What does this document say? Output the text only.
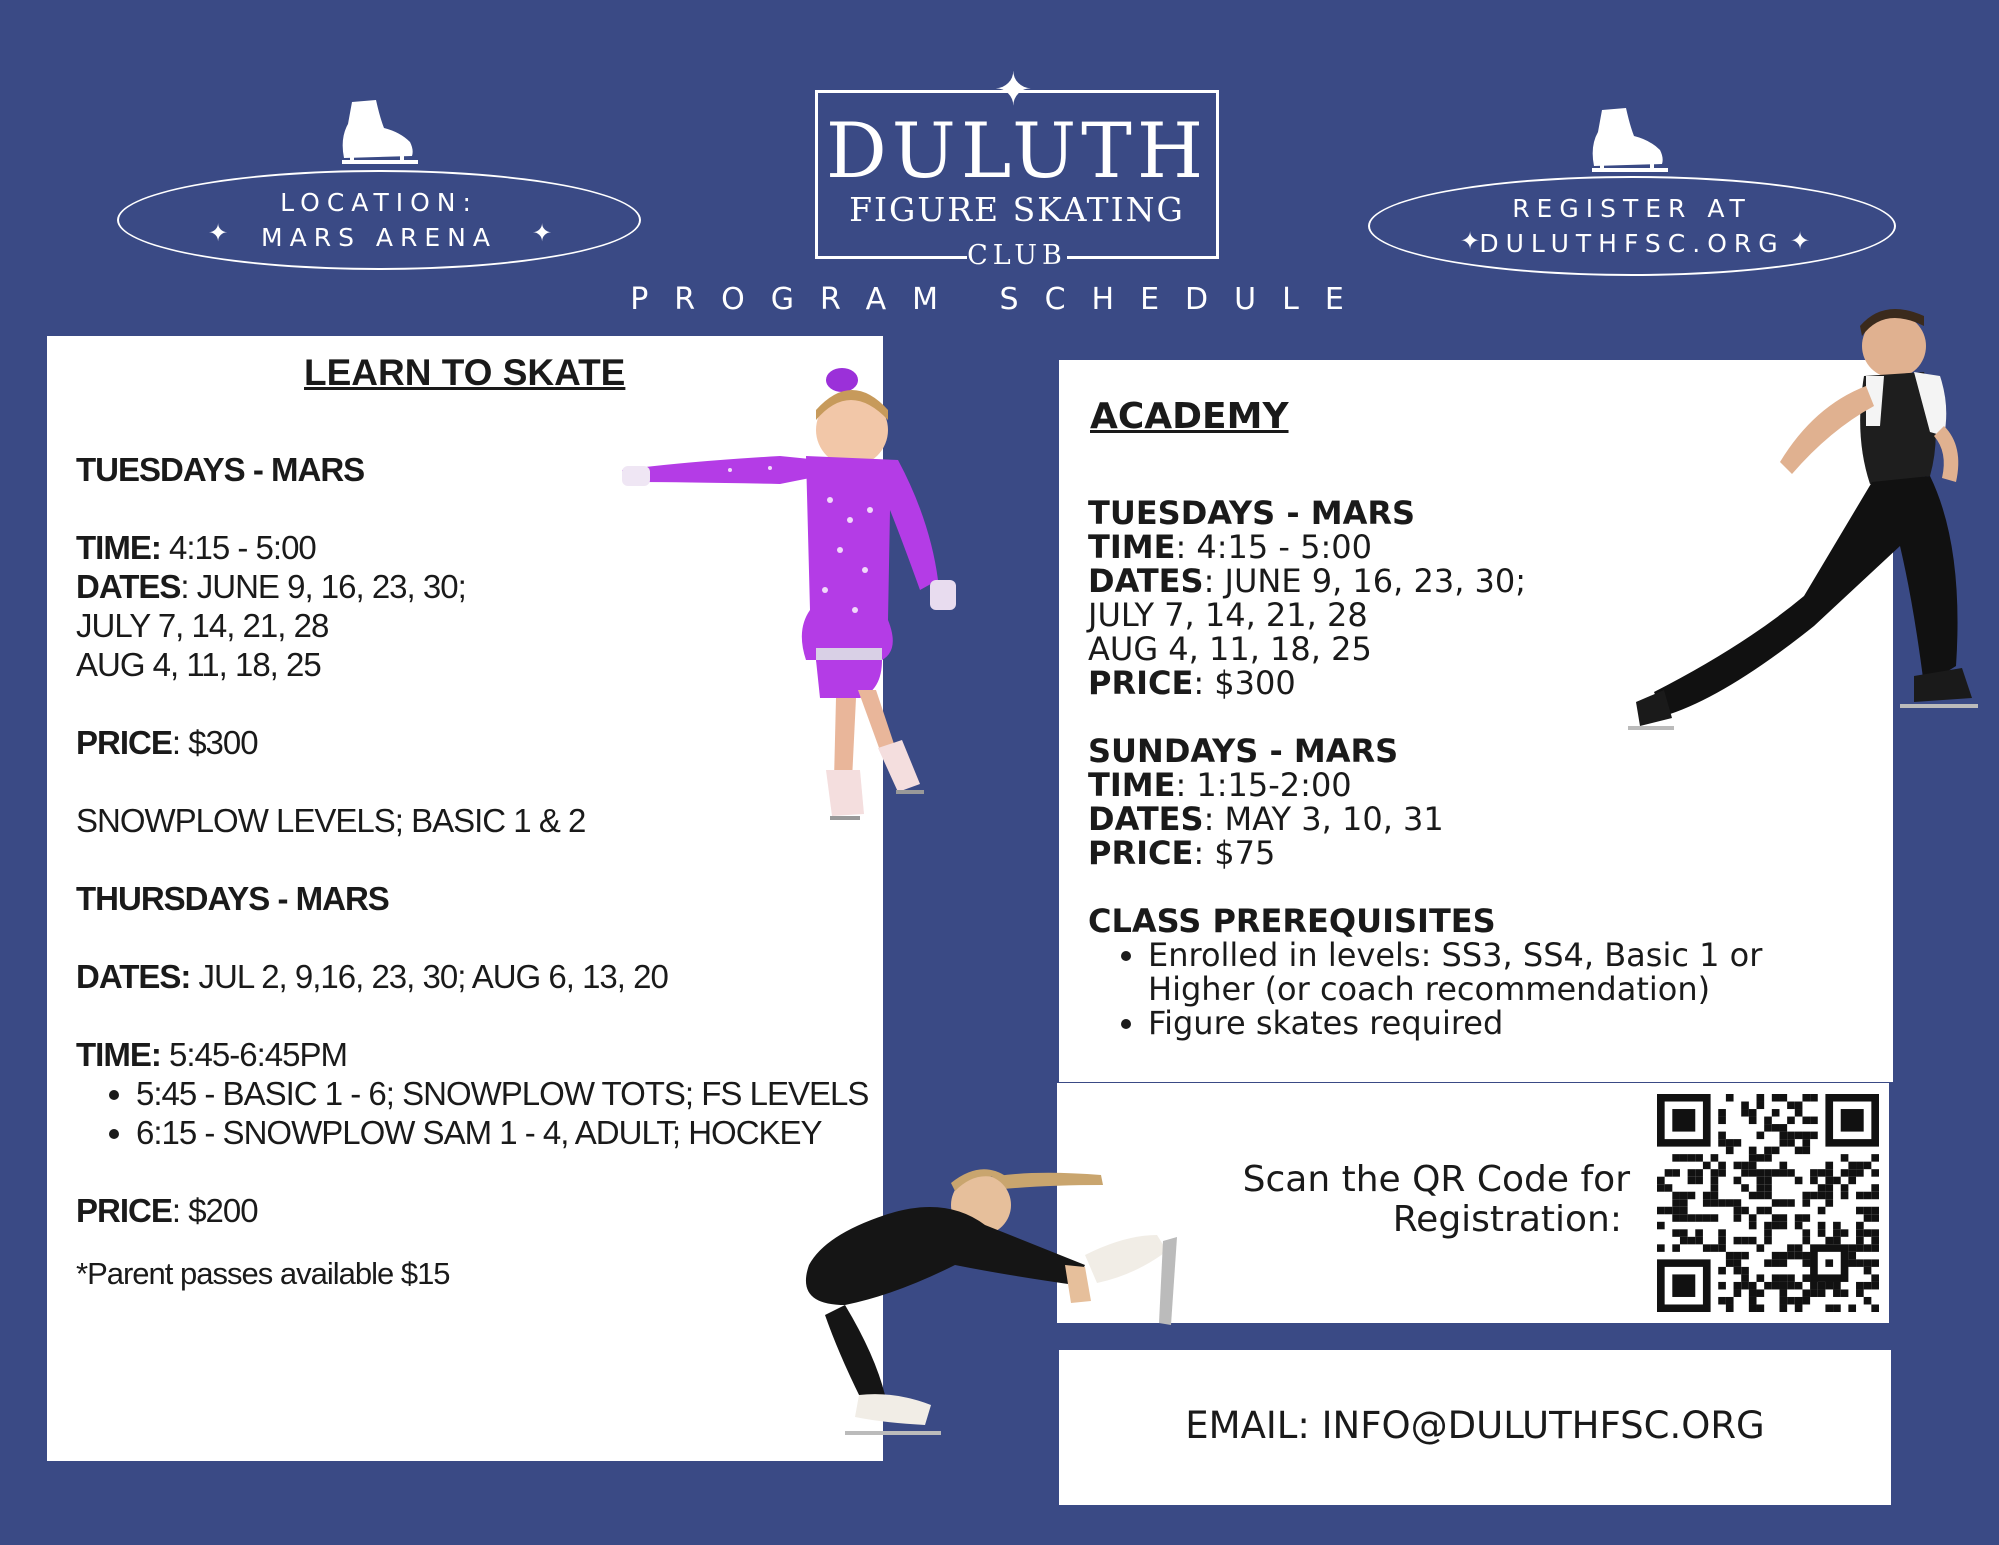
LOCATION:
MARS ARENA
✦	✦
REGISTER AT
DULUTHFSC.ORG
✦	✦
✦
DULUTH
FIGURE SKATING
CLUB
PROGRAM SCHEDULE
LEARN TO SKATE
TUESDAYS - MARS
TIME: 4:15 - 5:00
DATES: JUNE 9, 16, 23, 30;
JULY 7, 14, 21, 28
AUG 4, 11, 18, 25
PRICE: $300
SNOWPLOW LEVELS; BASIC 1 & 2
THURSDAYS - MARS
DATES: JUL 2, 9,16, 23, 30; AUG 6, 13, 20
TIME: 5:45-6:45PM
• 5:45 - BASIC 1 - 6; SNOWPLOW TOTS; FS LEVELS
• 6:15 - SNOWPLOW SAM 1 - 4, ADULT; HOCKEY
PRICE: $200
*Parent passes available $15
ACADEMY
TUESDAYS - MARS
TIME: 4:15 - 5:00
DATES: JUNE 9, 16, 23, 30;
JULY 7, 14, 21, 28
AUG 4, 11, 18, 25
PRICE: $300
SUNDAYS - MARS
TIME: 1:15-2:00
DATES: MAY 3, 10, 31
PRICE: $75
CLASS PREREQUISITES
• Enrolled in levels: SS3, SS4, Basic 1 or Higher (or coach recommendation)
• Figure skates required
Scan the QR Code for
Registration:
EMAIL: INFO@DULUTHFSC.ORG
